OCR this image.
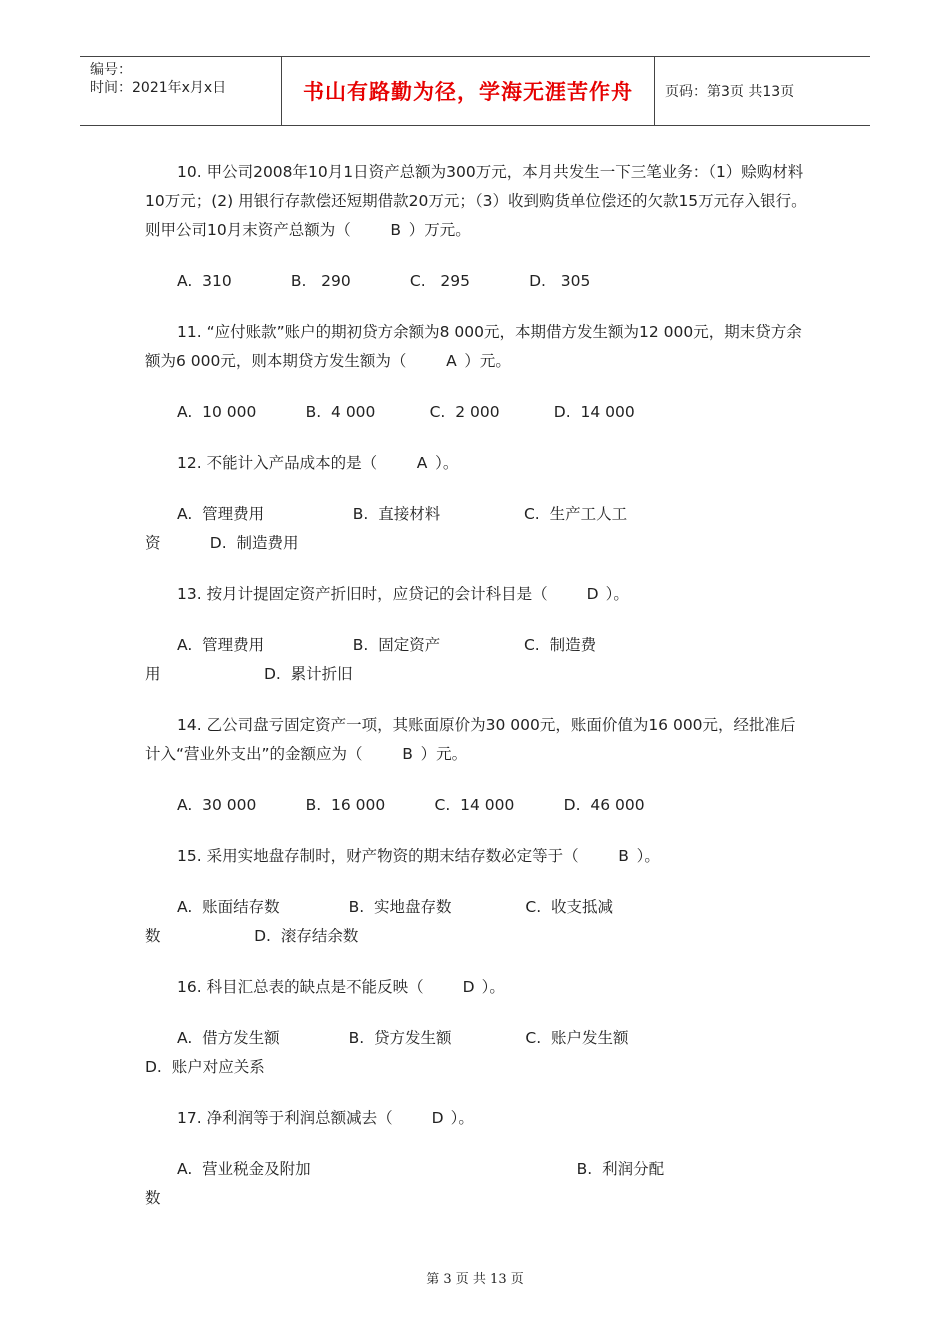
编号：
时间：2021年x月x日	书山有路勤为径，学海无涯苦作舟 页码：第3页 共13页

10. 甲公司2008年10月1日资产总额为300万元，本月共发生一下三笔业务：（1）赊购材料10万元；(2) 用银行存款偿还短期借款20万元；（3）收到购货单位偿还的欠款15万元存入银行。则甲公司10月末资产总额为（	B ）万元。

A.  310            B.   290            C.   295            D.   305

11. “应付账款”账户的期初贷方余额为8 000元，本期借方发生额为12 000元，期末贷方余额为6 000元，则本期贷方发生额为（	A ）元。

A.  10 000          B.  4 000           C.  2 000           D.  14 000

12. 不能计入产品成本的是（	A ）。

A.  管理费用                  B.  直接材料                 C.  生产工人工

资          D.  制造费用

13. 按月计提固定资产折旧时，应贷记的会计科目是（	D ）。

A.  管理费用                  B.  固定资产                 C.  制造费

用                     D.  累计折旧

14. 乙公司盘亏固定资产一项，其账面原价为30 000元，账面价值为16 000元，经批准后计入“营业外支出”的金额应为（	B ）元。

A.  30 000          B.  16 000          C.  14 000          D.  46 000

15. 采用实地盘存制时，财产物资的期末结存数必定等于（	B ）。

A.  账面结存数              B.  实地盘存数               C.  收支抵减

数                   D.  滚存结余数

16. 科目汇总表的缺点是不能反映（	D ）。

A.  借方发生额              B.  贷方发生额               C.  账户发生额

D.  账户对应关系

17. 净利润等于利润总额减去（	D ）。

A.  营业税金及附加                                                      B.  利润分配

数

第 3 页 共 13 页
